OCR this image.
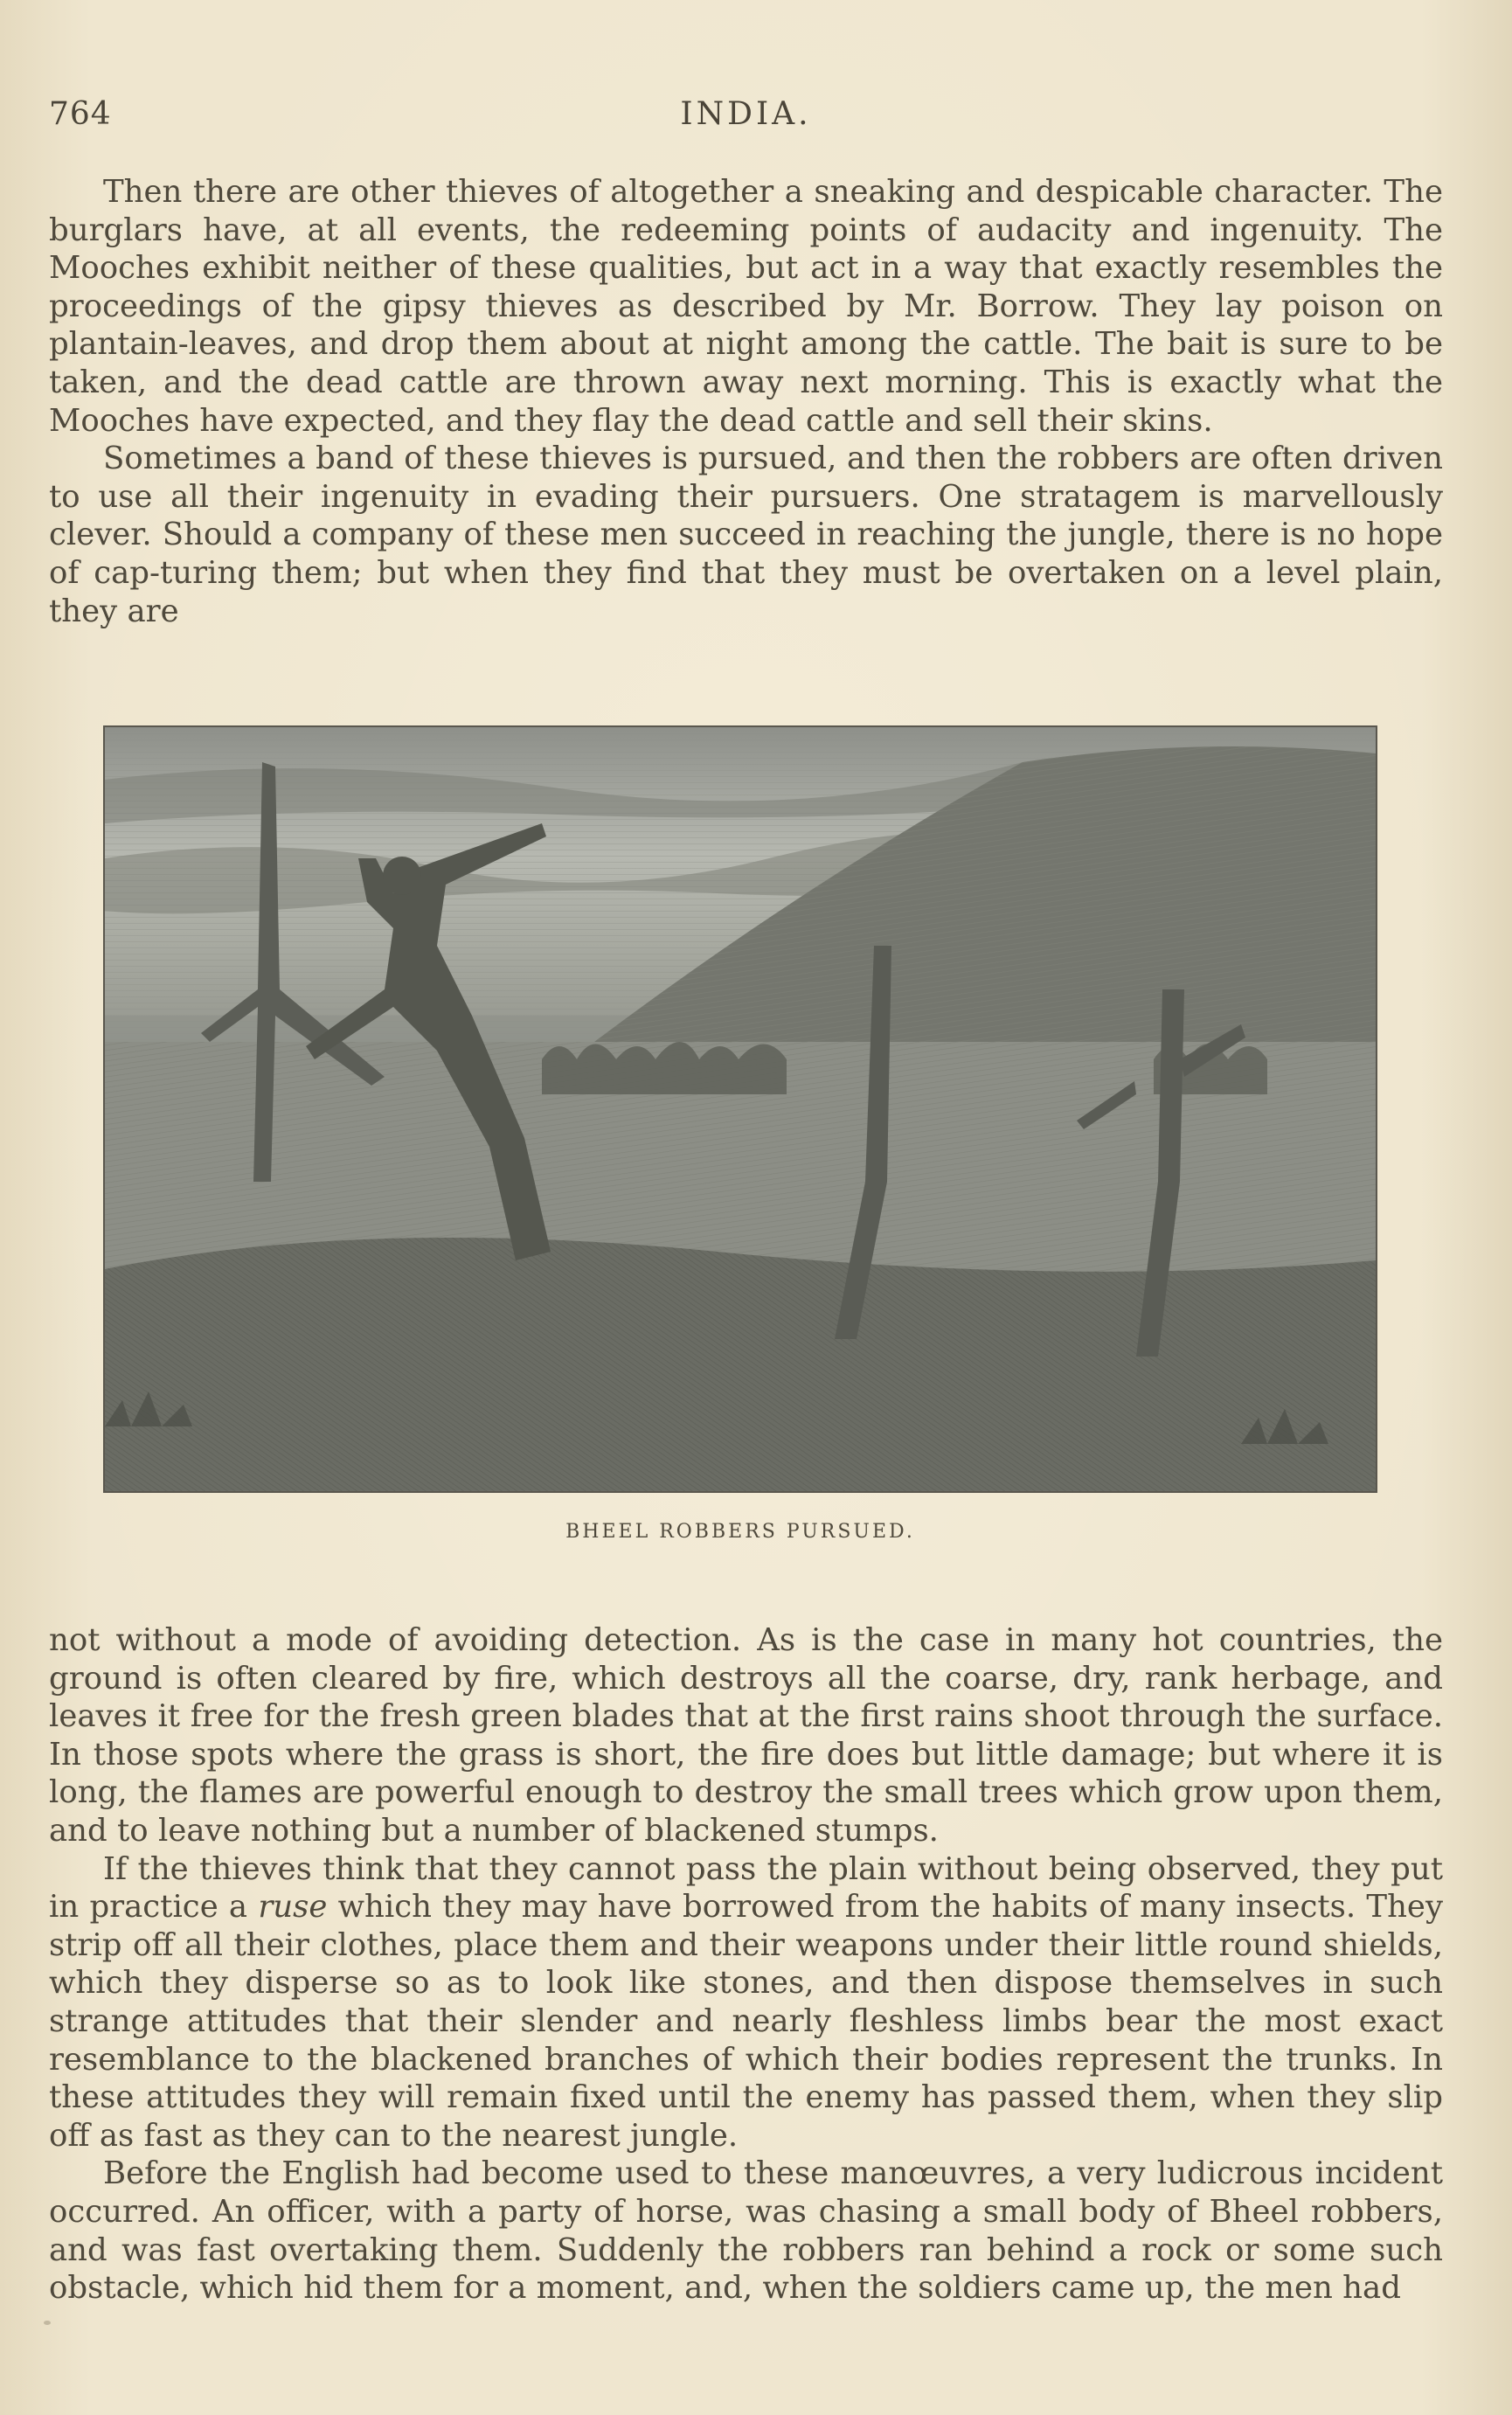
764	INDIA.

Then there are other thieves of altogether a sneaking and despicable character. The burglars have, at all events, the redeeming points of audacity and ingenuity. The Mooches exhibit neither of these qualities, but act in a way that exactly resembles the proceedings of the gipsy thieves as described by Mr. Borrow. They lay poison on plantain-leaves, and drop them about at night among the cattle. The bait is sure to be taken, and the dead cattle are thrown away next morning. This is exactly what the Mooches have expected, and they flay the dead cattle and sell their skins.

Sometimes a band of these thieves is pursued, and then the robbers are often driven to use all their ingenuity in evading their pursuers. One stratagem is marvellously clever. Should a company of these men succeed in reaching the jungle, there is no hope of cap-turing them; but when they find that they must be overtaken on a level plain, they are

BHEEL ROBBERS PURSUED.

not without a mode of avoiding detection. As is the case in many hot countries, the ground is often cleared by fire, which destroys all the coarse, dry, rank herbage, and leaves it free for the fresh green blades that at the first rains shoot through the surface. In those spots where the grass is short, the fire does but little damage; but where it is long, the flames are powerful enough to destroy the small trees which grow upon them, and to leave nothing but a number of blackened stumps.

If the thieves think that they cannot pass the plain without being observed, they put in practice a ruse which they may have borrowed from the habits of many insects. They strip off all their clothes, place them and their weapons under their little round shields, which they disperse so as to look like stones, and then dispose themselves in such strange attitudes that their slender and nearly fleshless limbs bear the most exact resemblance to the blackened branches of which their bodies represent the trunks. In these attitudes they will remain fixed until the enemy has passed them, when they slip off as fast as they can to the nearest jungle.

Before the English had become used to these manœuvres, a very ludicrous incident occurred. An officer, with a party of horse, was chasing a small body of Bheel robbers, and was fast overtaking them. Suddenly the robbers ran behind a rock or some such obstacle, which hid them for a moment, and, when the soldiers came up, the men had
